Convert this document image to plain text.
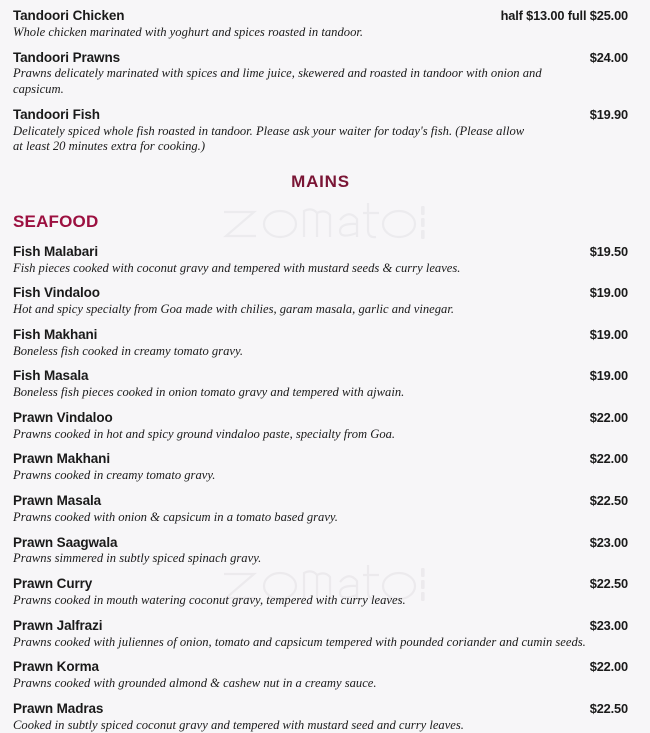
Tandoori Chicken	half $13.00 full $25.00
Whole chicken marinated with yoghurt and spices roasted in tandoor.
Tandoori Prawns	$24.00
Prawns delicately marinated with spices and lime juice, skewered and roasted in tandoor with onion and capsicum.
Tandoori Fish	$19.90
Delicately spiced whole fish roasted in tandoor. Please ask your waiter for today's fish. (Please allow at least 20 minutes extra for cooking.)
MAINS
SEAFOOD
Fish Malabari	$19.50
Fish pieces cooked with coconut gravy and tempered with mustard seeds & curry leaves.
Fish Vindaloo	$19.00
Hot and spicy specialty from Goa made with chilies, garam masala, garlic and vinegar.
Fish Makhani	$19.00
Boneless fish cooked in creamy tomato gravy.
Fish Masala	$19.00
Boneless fish pieces cooked in onion tomato gravy and tempered with ajwain.
Prawn Vindaloo	$22.00
Prawns cooked in hot and spicy ground vindaloo paste, specialty from Goa.
Prawn Makhani	$22.00
Prawns cooked in creamy tomato gravy.
Prawn Masala	$22.50
Prawns cooked with onion & capsicum in a tomato based gravy.
Prawn Saagwala	$23.00
Prawns simmered in subtly spiced spinach gravy.
Prawn Curry	$22.50
Prawns cooked in mouth watering coconut gravy, tempered with curry leaves.
Prawn Jalfrazi	$23.00
Prawns cooked with juliennes of onion, tomato and capsicum tempered with pounded coriander and cumin seeds.
Prawn Korma	$22.00
Prawns cooked with grounded almond & cashew nut in a creamy sauce.
Prawn Madras	$22.50
Cooked in subtly spiced coconut gravy and tempered with mustard seed and curry leaves.
